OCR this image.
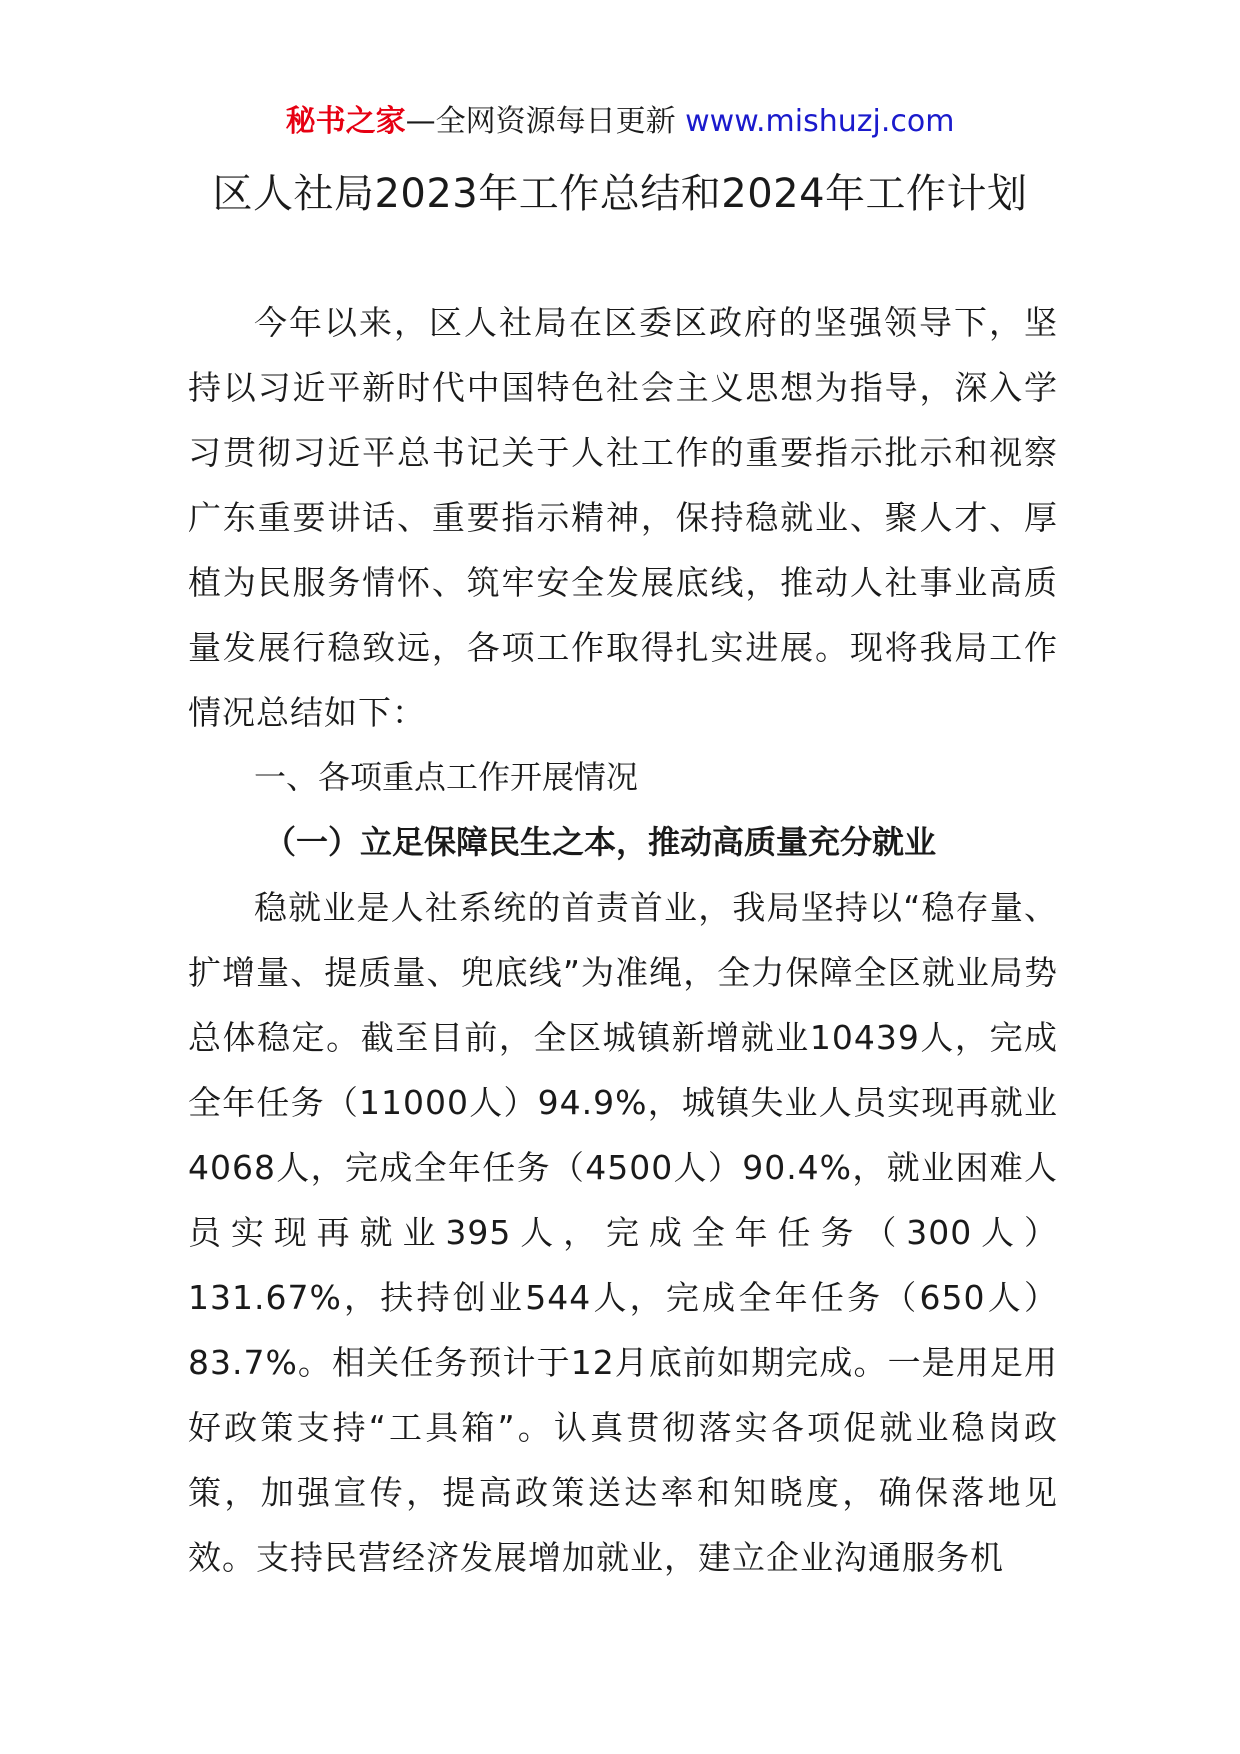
秘书之家—全网资源每日更新 www.mishuzj.com
区人社局2023年工作总结和2024年工作计划
今年以来，区人社局在区委区政府的坚强领导下，坚持以习近平新时代中国特色社会主义思想为指导，深入学习贯彻习近平总书记关于人社工作的重要指示批示和视察广东重要讲话、重要指示精神，保持稳就业、聚人才、厚植为民服务情怀、筑牢安全发展底线，推动人社事业高质量发展行稳致远，各项工作取得扎实进展。现将我局工作情况总结如下：
一、各项重点工作开展情况
（一）立足保障民生之本，推动高质量充分就业
稳就业是人社系统的首责首业，我局坚持以“稳存量、扩增量、提质量、兜底线”为准绳，全力保障全区就业局势总体稳定。截至目前，全区城镇新增就业10439人，完成全年任务（11000人）94.9%，城镇失业人员实现再就业4068人，完成全年任务（4500人）90.4%，就业困难人员实现再就业395人，完成全年任务（300人）131.67%，扶持创业544人，完成全年任务（650人）83.7%。相关任务预计于12月底前如期完成。一是用足用好政策支持“工具箱”。认真贯彻落实各项促就业稳岗政策，加强宣传，提高政策送达率和知晓度，确保落地见效。支持民营经济发展增加就业，建立企业沟通服务机
